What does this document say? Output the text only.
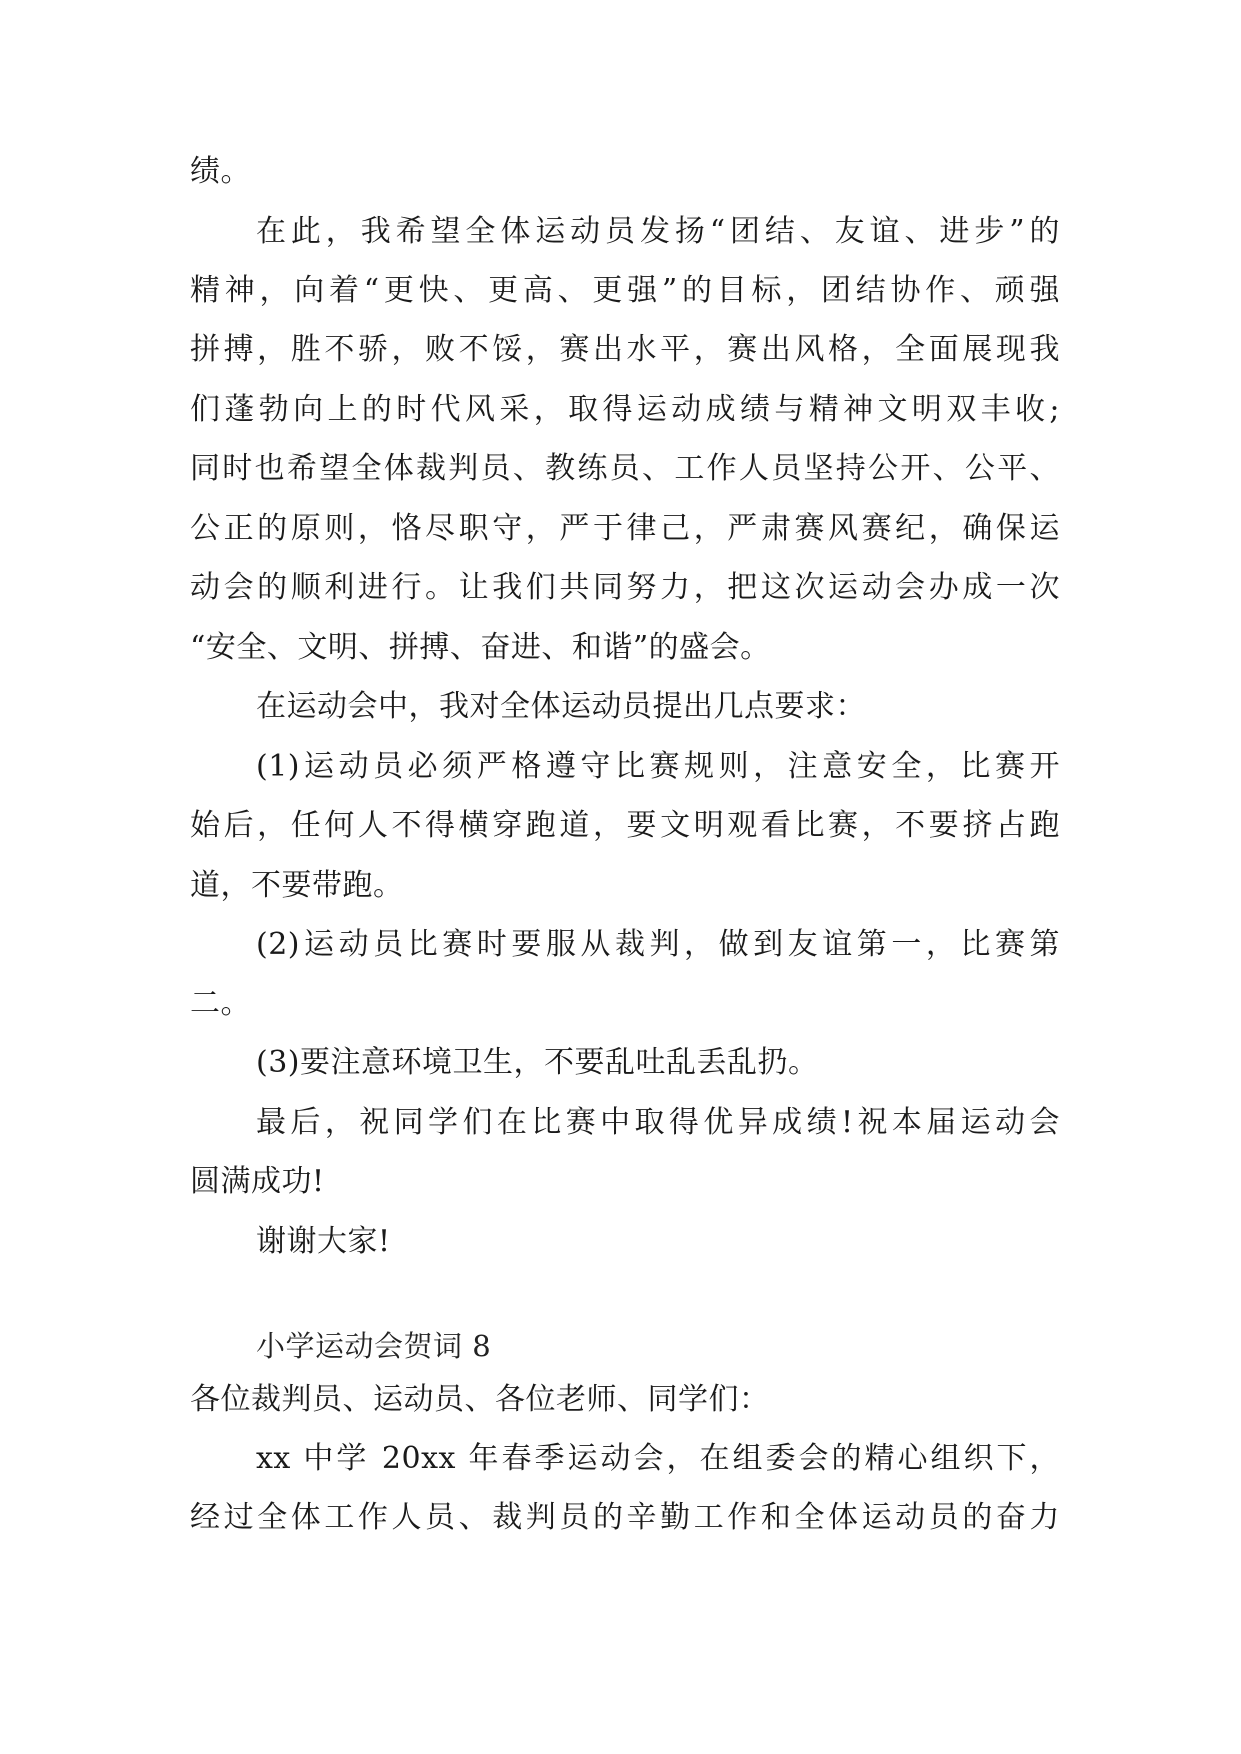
绩。
在此，我希望全体运动员发扬“团结、友谊、进步”的
精神，向着“更快、更高、更强”的目标，团结协作、顽强
拼搏，胜不骄，败不馁，赛出水平，赛出风格，全面展现我
们蓬勃向上的时代风采，取得运动成绩与精神文明双丰收;
同时也希望全体裁判员、教练员、工作人员坚持公开、公平、
公正的原则，恪尽职守，严于律己，严肃赛风赛纪，确保运
动会的顺利进行。让我们共同努力，把这次运动会办成一次
“安全、文明、拼搏、奋进、和谐”的盛会。
在运动会中，我对全体运动员提出几点要求：
(1)运动员必须严格遵守比赛规则，注意安全，比赛开
始后，任何人不得横穿跑道，要文明观看比赛，不要挤占跑
道，不要带跑。
(2)运动员比赛时要服从裁判，做到友谊第一，比赛第
二。
(3)要注意环境卫生，不要乱吐乱丢乱扔。
最后，祝同学们在比赛中取得优异成绩!祝本届运动会
圆满成功!
谢谢大家!
小学运动会贺词 8
各位裁判员、运动员、各位老师、同学们：
xx 中学 20xx 年春季运动会，在组委会的精心组织下，
经过全体工作人员、裁判员的辛勤工作和全体运动员的奋力
